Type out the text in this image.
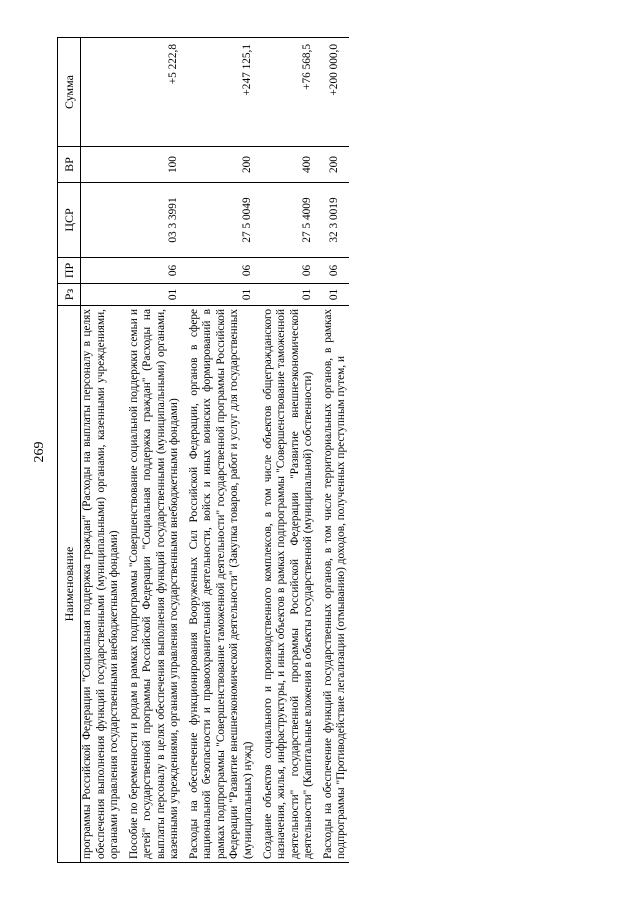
269
Наименование	Рз	ПР	ЦСР	ВР	Сумма
программы Российской Федерации "Социальная поддержка граждан" (Расходы на выплаты персоналу в целях обеспечения выполнения функций государственными (муниципальными) органами, казенными учреждениями, органами управления государственными внебюджетными фондами)					
Пособие по беременности и родам в рамках подпрограммы "Совершенствование социальной поддержки семьи и детей" государственной программы Российской Федерации "Социальная поддержка граждан" (Расходы на выплаты персоналу в целях обеспечения выполнения функций государственными (муниципальными) органами, казенными учреждениями, органами управления государственными внебюджетными фондами)	01	06	03 3 3991	100	+5 222,8
Расходы на обеспечение функционирования Вооруженных Сил Российской Федерации, органов в сфере национальной безопасности и правоохранительной деятельности, войск и иных воинских формирований в рамках подпрограммы "Совершенствование таможенной деятельности" государственной программы Российской Федерации "Развитие внешнеэкономической деятельности" (Закупка товаров, работ и услуг для государственных (муниципальных) нужд)	01	06	27 5 0049	200	+247 125,1
Создание объектов социального и производственного комплексов, в том числе объектов общегражданского назначения, жилья, инфраструктуры, и иных объектов в рамках подпрограммы "Совершенствование таможенной деятельности" государственной программы Российской Федерации "Развитие внешнеэкономической деятельности" (Капитальные вложения в объекты государственной (муниципальной) собственности)	01	06	27 5 4009	400	+76 568,5
Расходы на обеспечение функций государственных органов, в том числе территориальных органов, в рамках подпрограммы "Противодействие легализации (отмыванию) доходов, полученных преступным путем, и	01	06	32 3 0019	200	+200 000,0
